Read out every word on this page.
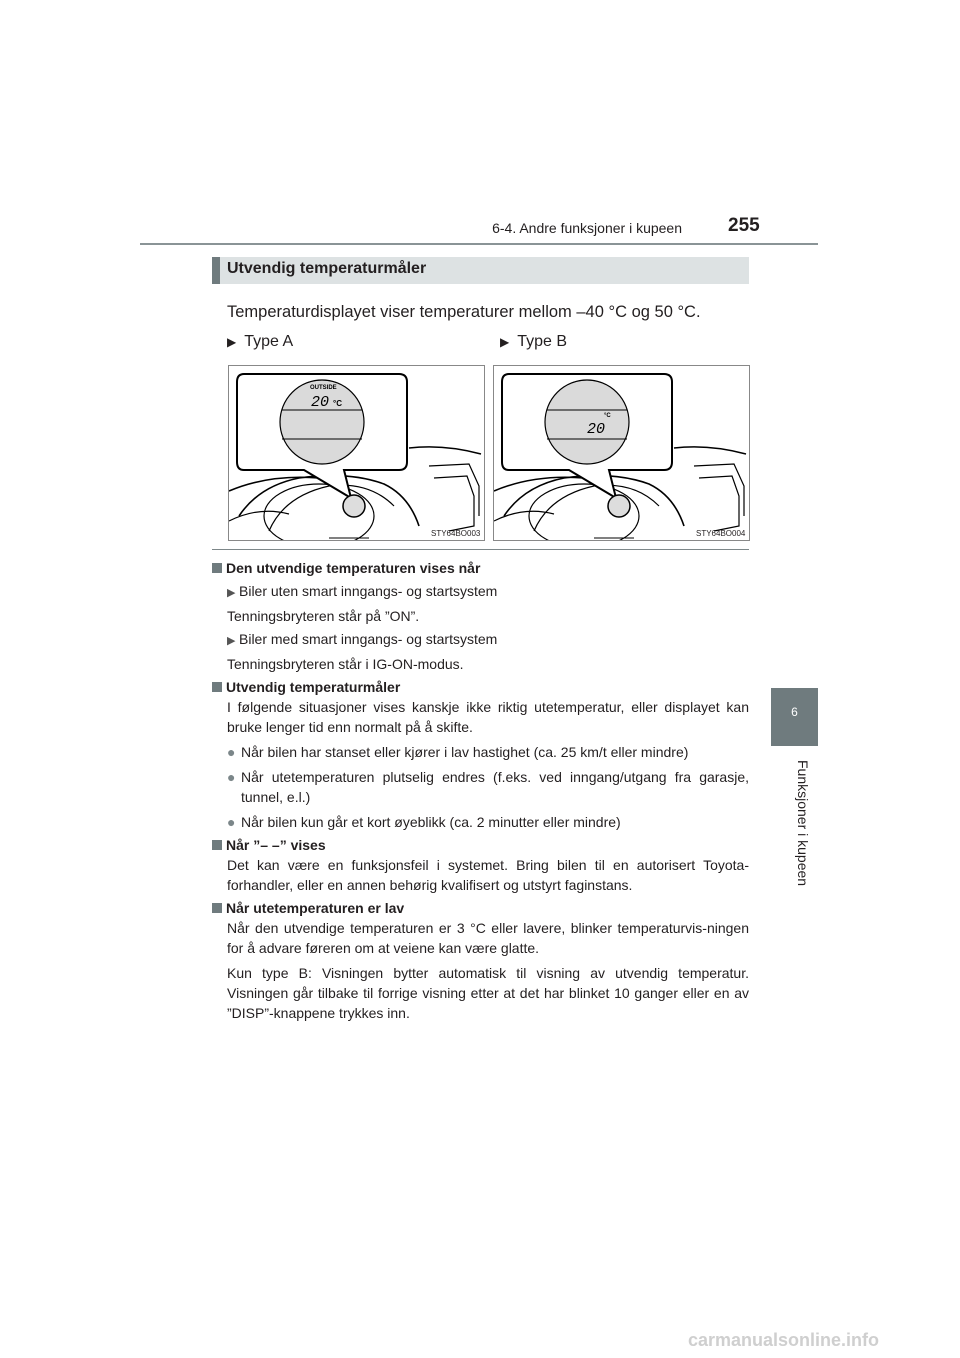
6-4. Andre funksjoner i kupeen 255
6
Funksjoner i kupeen
Utvendig temperaturmåler
Temperaturdisplayet viser temperaturer mellom –40 °C og 50 °C.
▶ Type A	▶ Type B
OUTSIDE
20 °C
STY64BO003
20
°C
STY64BO004

Den utvendige temperaturen vises når

▶ Biler uten smart inngangs- og startsystem

Tenningsbryteren står på ”ON”.

▶ Biler med smart inngangs- og startsystem

Tenningsbryteren står i IG-ON-modus.

Utvendig temperaturmåler

I følgende situasjoner vises kanskje ikke riktig utetemperatur, eller displayet kan bruke lenger tid enn normalt på å skifte.

● Når bilen har stanset eller kjører i lav hastighet (ca. 25 km/t eller mindre)

● Når utetemperaturen plutselig endres (f.eks. ved inngang/utgang fra garasje, tunnel, e.l.)

● Når bilen kun går et kort øyeblikk (ca. 2 minutter eller mindre)

Når ”– –” vises

Det kan være en funksjonsfeil i systemet. Bring bilen til en autorisert Toyota-forhandler, eller en annen behørig kvalifisert og utstyrt faginstans.

Når utetemperaturen er lav

Når den utvendige temperaturen er 3 °C eller lavere, blinker temperaturvis-ningen for å advare føreren om at veiene kan være glatte.

Kun type B: Visningen bytter automatisk til visning av utvendig temperatur. Visningen går tilbake til forrige visning etter at det har blinket 10 ganger eller en av ”DISP”-knappene trykkes inn.

carmanualsonline.info
